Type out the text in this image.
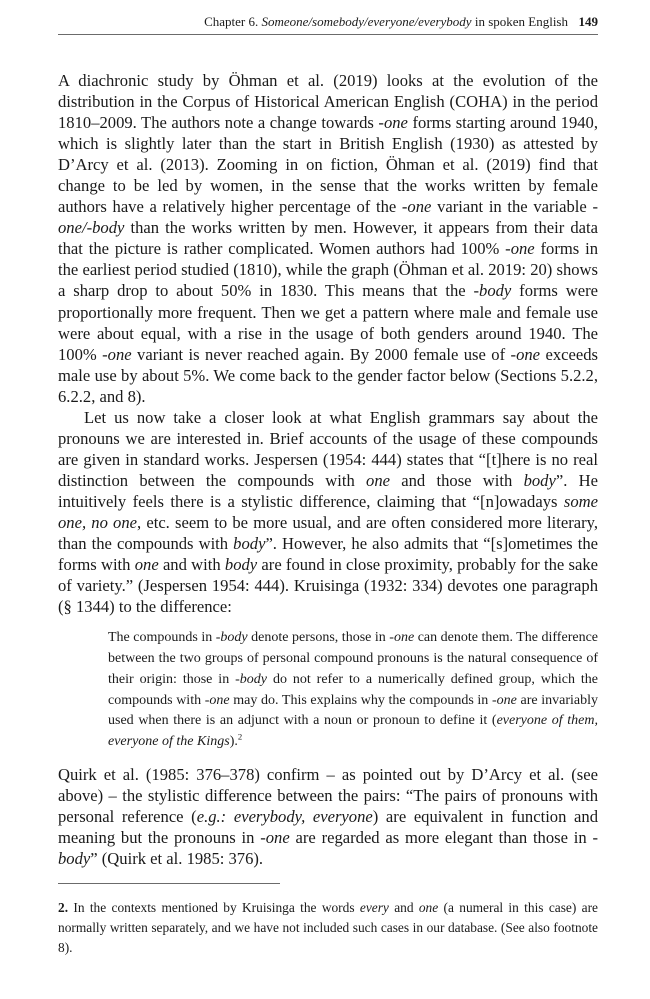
Chapter 6. Someone/somebody/everyone/everybody in spoken English 149

A diachronic study by Öhman et al. (2019) looks at the evolution of the distribution in the Corpus of Historical American English (COHA) in the period 1810–2009. The authors note a change towards -one forms starting around 1940, which is slightly later than the start in British English (1930) as attested by D’Arcy et al. (2013). Zooming in on fiction, Öhman et al. (2019) find that change to be led by women, in the sense that the works written by female authors have a relatively higher percentage of the -one variant in the variable -one/-body than the works written by men. However, it appears from their data that the picture is rather complicated. Women authors had 100% -one forms in the earliest period studied (1810), while the graph (Öhman et al. 2019: 20) shows a sharp drop to about 50% in 1830. This means that the -body forms were proportionally more frequent. Then we get a pattern where male and female use were about equal, with a rise in the usage of both genders around 1940. The 100% -one variant is never reached again. By 2000 female use of -one exceeds male use by about 5%. We come back to the gender factor below (Sections 5.2.2, 6.2.2, and 8).

Let us now take a closer look at what English grammars say about the pronouns we are interested in. Brief accounts of the usage of these compounds are given in standard works. Jespersen (1954: 444) states that “[t]here is no real distinction between the compounds with one and those with body”. He intuitively feels there is a stylistic difference, claiming that “[n]owadays some one, no one, etc. seem to be more usual, and are often considered more literary, than the compounds with body”. However, he also admits that “[s]ometimes the forms with one and with body are found in close proximity, probably for the sake of variety.” (Jespersen 1954: 444). Kruisinga (1932: 334) devotes one paragraph (§ 1344) to the difference:

The compounds in -body denote persons, those in -one can denote them. The difference between the two groups of personal compound pronouns is the natural consequence of their origin: those in -body do not refer to a numerically defined group, which the compounds with -one may do. This explains why the compounds in -one are invariably used when there is an adjunct with a noun or pronoun to define it (everyone of them, everyone of the Kings).$^2$

Quirk et al. (1985: 376–378) confirm – as pointed out by D’Arcy et al. (see above) – the stylistic difference between the pairs: “The pairs of pronouns with personal reference (e.g.: everybody, everyone) are equivalent in function and meaning but the pronouns in -one are regarded as more elegant than those in -body” (Quirk et al. 1985: 376).

2. In the contexts mentioned by Kruisinga the words every and one (a numeral in this case) are normally written separately, and we have not included such cases in our database. (See also footnote 8).
